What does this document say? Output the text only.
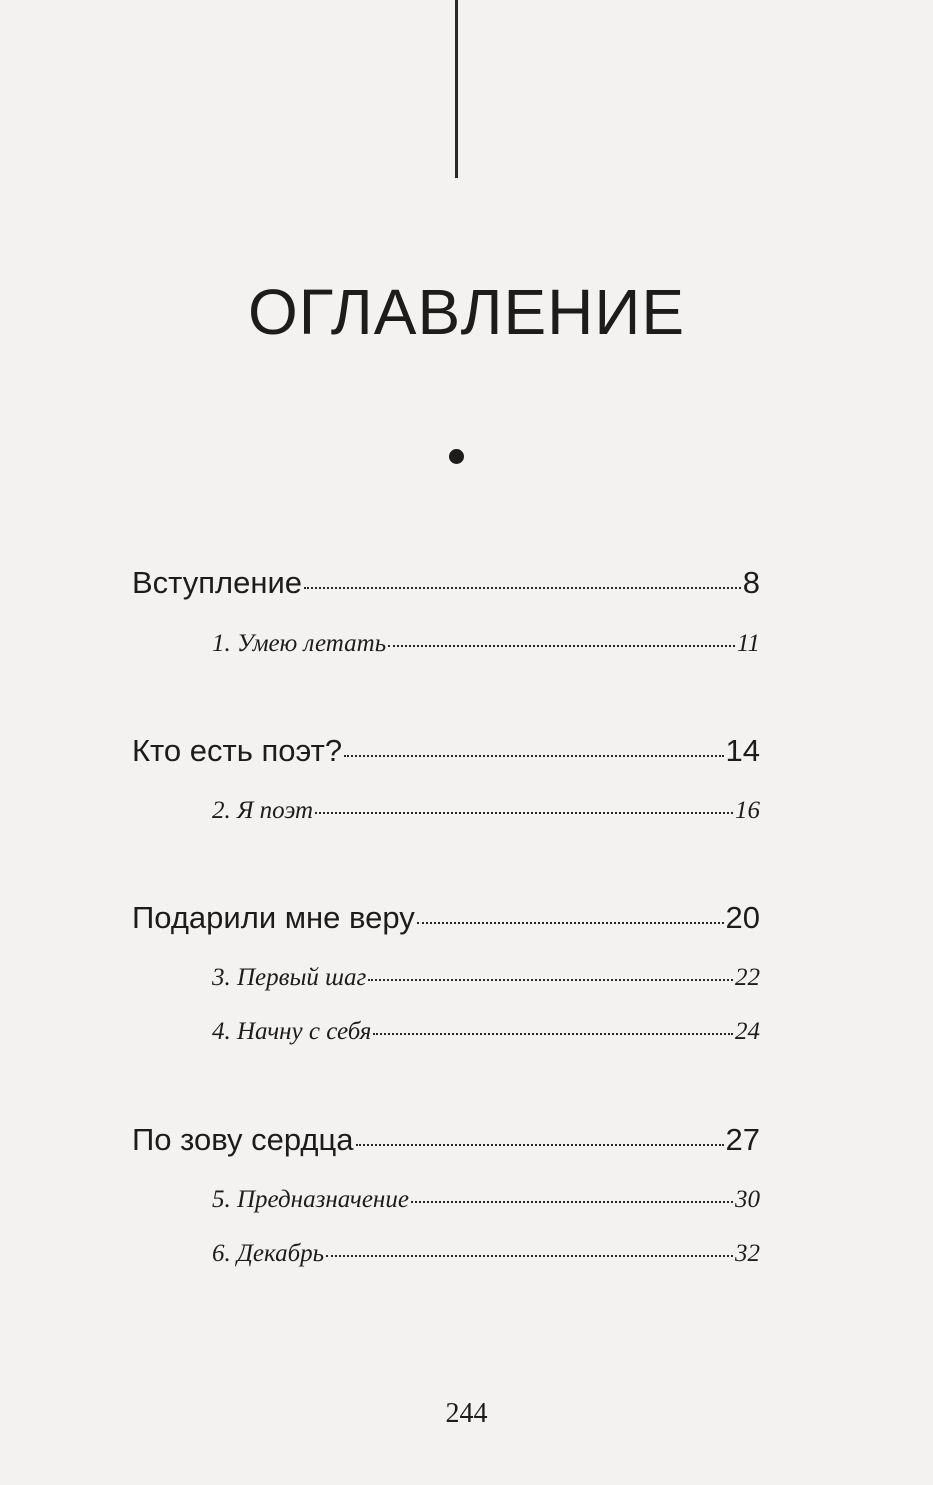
ОГЛАВЛЕНИЕ
Вступление	8
1. Умею летать	11
Кто есть поэт?	14
2. Я поэт	16
Подарили мне веру	20
3. Первый шаг	22
4. Начну с себя	24
По зову сердца	27
5. Предназначение	30
6. Декабрь	32
244
